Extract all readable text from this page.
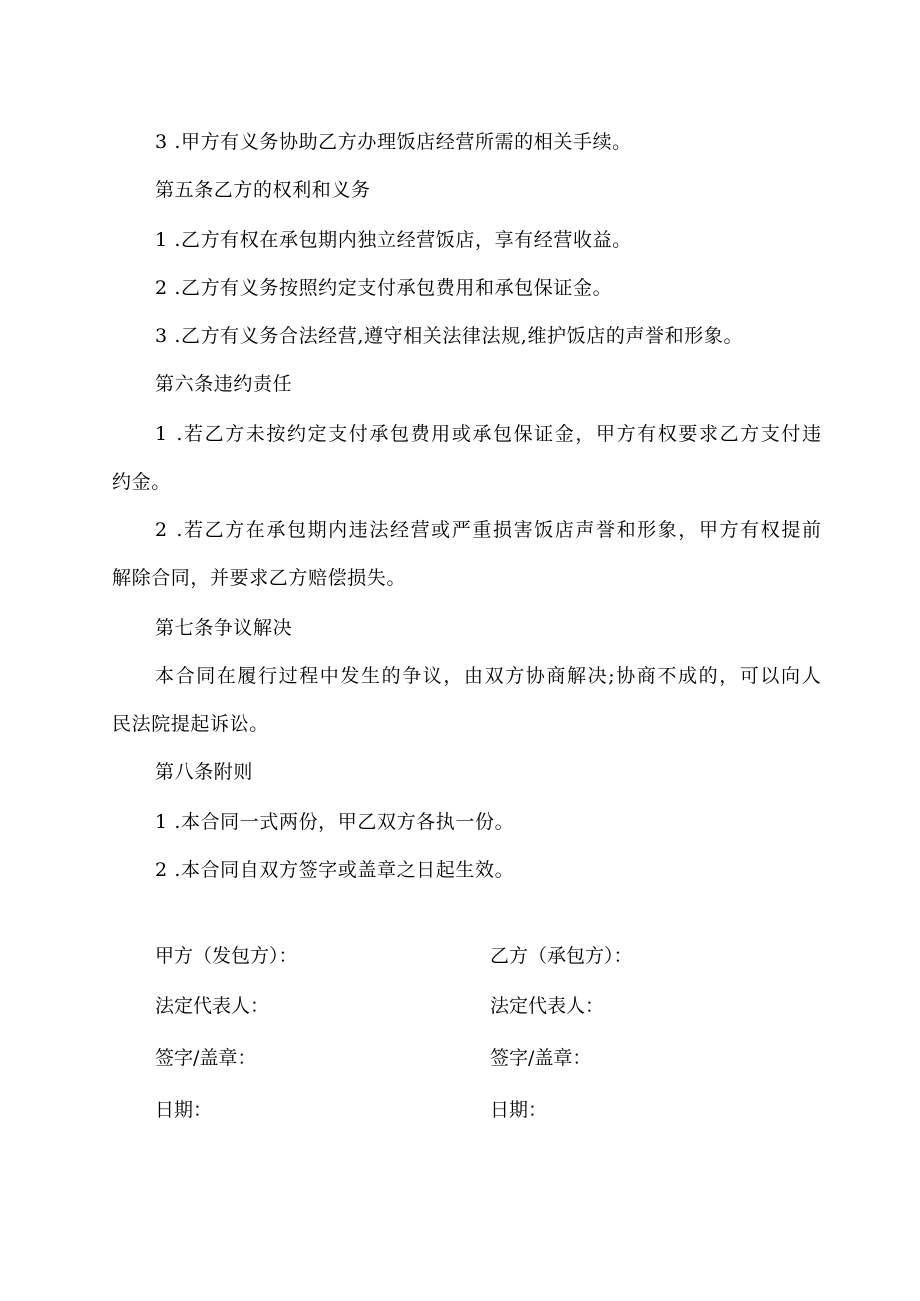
3 .甲方有义务协助乙方办理饭店经营所需的相关手续。
第五条乙方的权利和义务
1 .乙方有权在承包期内独立经营饭店，享有经营收益。
2 .乙方有义务按照约定支付承包费用和承包保证金。
3 .乙方有义务合法经营,遵守相关法律法规,维护饭店的声誉和形象。
第六条违约责任
1 .若乙方未按约定支付承包费用或承包保证金，甲方有权要求乙方支付违
约金。
2 .若乙方在承包期内违法经营或严重损害饭店声誉和形象，甲方有权提前
解除合同，并要求乙方赔偿损失。
第七条争议解决
本合同在履行过程中发生的争议，由双方协商解决;协商不成的，可以向人
民法院提起诉讼。
第八条附则
1 .本合同一式两份，甲乙双方各执一份。
2 .本合同自双方签字或盖章之日起生效。
甲方（发包方）：	乙方（承包方）：
法定代表人：	法定代表人：
签字/盖章：	签字/盖章：
日期：	日期：
